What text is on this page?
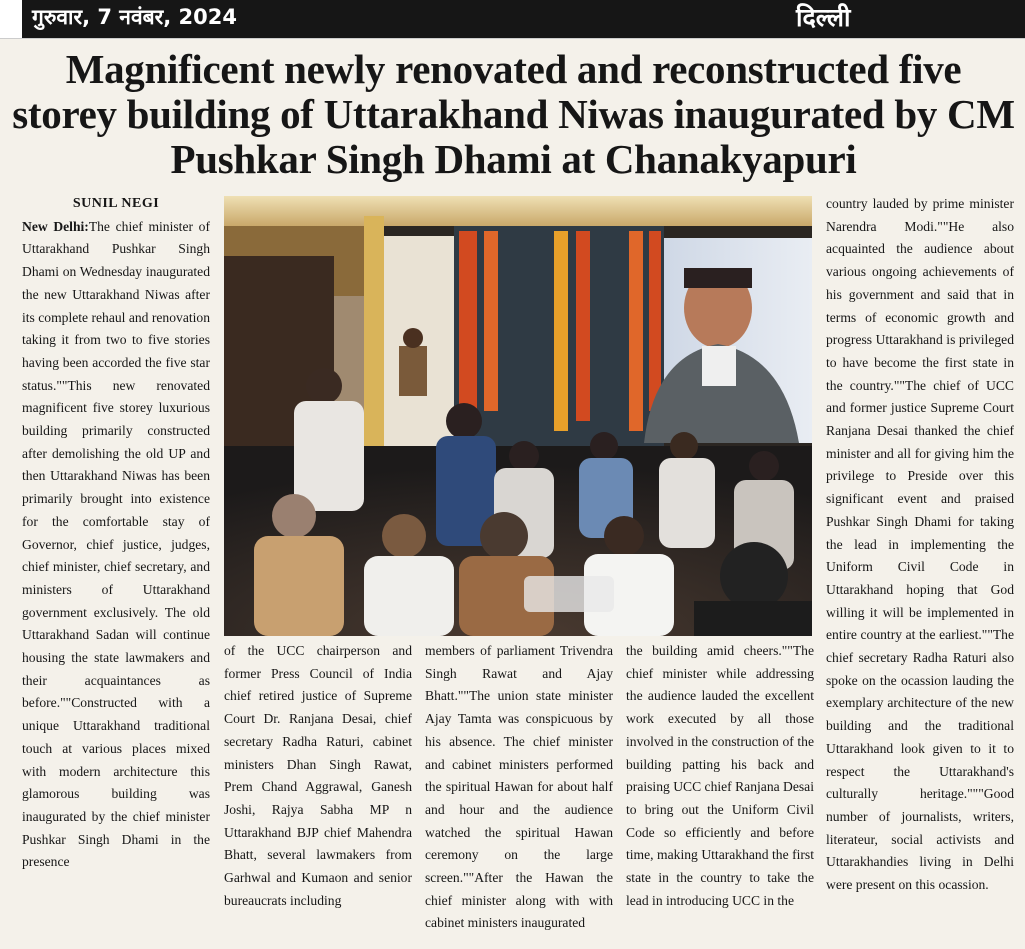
गुरुवार, 7 नवंबर, 2024	दिल्ली
Magnificent newly renovated and reconstructed five storey building of Uttarakhand Niwas inaugurated by CM Pushkar Singh Dhami at Chanakyapuri
SUNIL NEGI
New Delhi:The chief minister of Uttarakhand Pushkar Singh Dhami on Wednesday inaugurated the new Uttarakhand Niwas after its complete rehaul and renovation taking it from two to five stories having been accorded the five star status.""This new renovated magnificent five storey luxurious building primarily constructed after demolishing the old UP and then Uttarakhand Niwas has been primarily brought into existence for the comfortable stay of Governor, chief justice, judges, chief minister, chief secretary, and ministers of Uttarakhand government exclusively. The old Uttarakhand Sadan will continue housing the state lawmakers and their acquaintances as before.""Constructed with a unique Uttarakhand traditional touch at various places mixed with modern architecture this glamorous building was inaugurated by the chief minister Pushkar Singh Dhami in the presence
of the UCC chairperson and former Press Council of India chief retired justice of Supreme Court Dr. Ranjana Desai, chief secretary Radha Raturi, cabinet ministers Dhan Singh Rawat, Prem Chand Aggrawal, Ganesh Joshi, Rajya Sabha MP n Uttarakhand BJP chief Mahendra Bhatt, several lawmakers from Garhwal and Kumaon and senior bureaucrats including
members of parliament Trivendra Singh Rawat and Ajay Bhatt.""The union state minister Ajay Tamta was conspicuous by his absence. The chief minister and cabinet ministers performed the spiritual Hawan for about half and hour and the audience watched the spiritual Hawan ceremony on the large screen.""After the Hawan the chief minister along with with cabinet ministers inaugurated
the building amid cheers.""The chief minister while addressing the audience lauded the excellent work executed by all those involved in the construction of the building patting his back and praising UCC chief Ranjana Desai to bring out the Uniform Civil Code so efficiently and before time, making Uttarakhand the first state in the country to take the lead in introducing UCC in the
country lauded by prime minister Narendra Modi.""He also acquainted the audience about various ongoing achievements of his government and said that in terms of economic growth and progress Uttarakhand is privileged to have become the first state in the country.""The chief of UCC and former justice Supreme Court Ranjana Desai thanked the chief minister and all for giving him the privilege to Preside over this significant event and praised Pushkar Singh Dhami for taking the lead in implementing the Uniform Civil Code in Uttarakhand hoping that God willing it will be implemented in entire country at the earliest.""The chief secretary Radha Raturi also spoke on the ocassion lauding the exemplary architecture of the new building and the traditional Uttarakhand look given to it to respect the Uttarakhand's culturally heritage."""Good number of journalists, writers, literateur, social activists and Uttarakhandies living in Delhi were present on this ocassion.
